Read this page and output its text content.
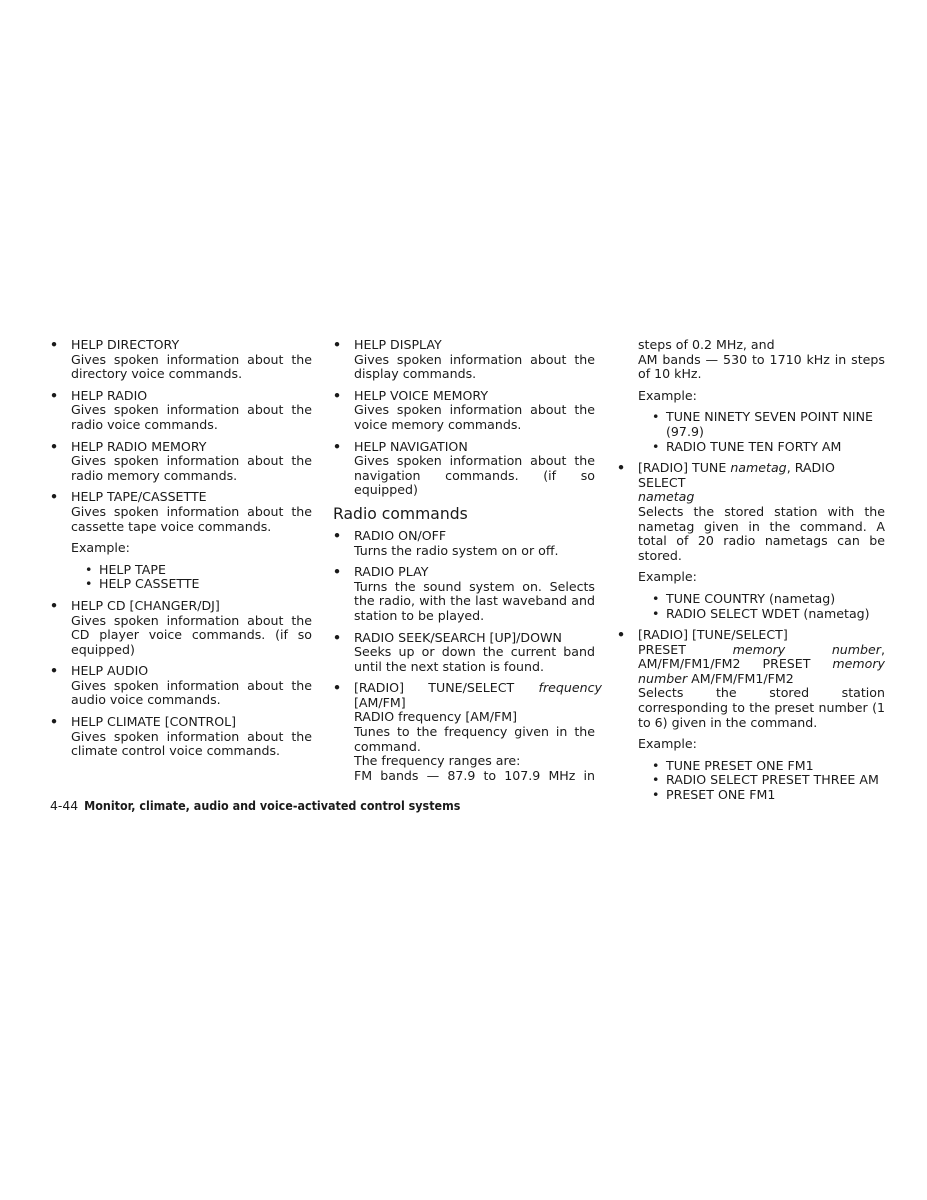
• HELP DIRECTORY
Gives spoken information about the directory voice commands.
• HELP RADIO
Gives spoken information about the radio voice commands.
• HELP RADIO MEMORY
Gives spoken information about the radio memory commands.
• HELP TAPE/CASSETTE
Gives spoken information about the cassette tape voice commands.
Example:
• HELP TAPE
• HELP CASSETTE
• HELP CD [CHANGER/DJ]
Gives spoken information about the CD player voice commands. (if so equipped)
• HELP AUDIO
Gives spoken information about the audio voice commands.
• HELP CLIMATE [CONTROL]
Gives spoken information about the climate control voice commands.
• HELP DISPLAY
Gives spoken information about the display commands.
• HELP VOICE MEMORY
Gives spoken information about the voice memory commands.
• HELP NAVIGATION
Gives spoken information about the navigation commands. (if so equipped)
Radio commands
• RADIO ON/OFF
Turns the radio system on or off.
• RADIO PLAY
Turns the sound system on. Selects the radio, with the last waveband and station to be played.
• RADIO SEEK/SEARCH [UP]/DOWN
Seeks up or down the current band until the next station is found.
• [RADIO] TUNE/SELECT frequency
[AM/FM]
RADIO frequency [AM/FM]
Tunes to the frequency given in the command.
The frequency ranges are:
FM bands — 87.9 to 107.9 MHz in
steps of 0.2 MHz, and
AM bands — 530 to 1710 kHz in steps of 10 kHz.
Example:
• TUNE NINETY SEVEN POINT NINE (97.9)
• RADIO TUNE TEN FORTY AM
• [RADIO] TUNE nametag, RADIO SELECT
nametag
Selects the stored station with the nametag given in the command. A total of 20 radio nametags can be stored.
Example:
• TUNE COUNTRY (nametag)
• RADIO SELECT WDET (nametag)
• [RADIO] [TUNE/SELECT]
PRESET	memory	number,
AM/FM/FM1/FM2 PRESET memory
number AM/FM/FM1/FM2
Selects the stored station corresponding to the preset number (1 to 6) given in the command.
Example:
• TUNE PRESET ONE FM1
• RADIO SELECT PRESET THREE AM
• PRESET ONE FM1
4-44 Monitor, climate, audio and voice-activated control systems
